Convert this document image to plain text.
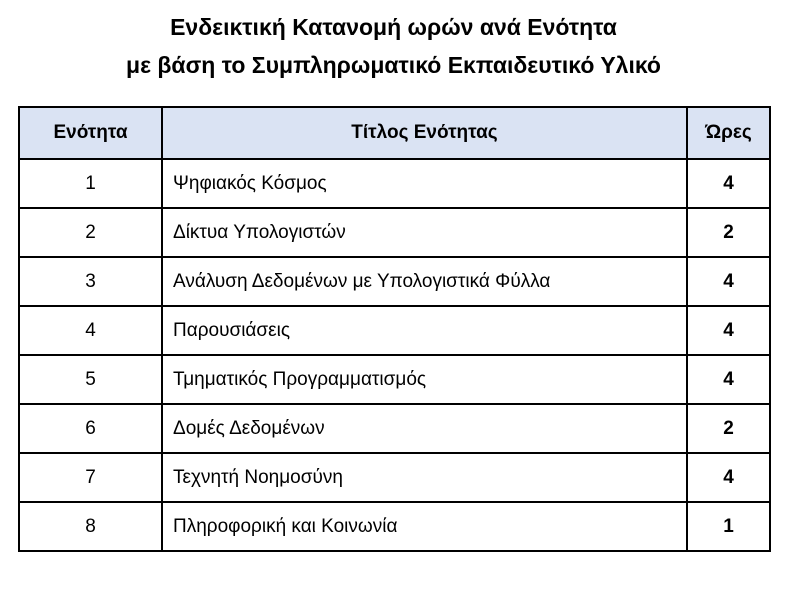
Ενδεικτική Κατανομή ωρών ανά Ενότητα
με βάση το Συμπληρωματικό Εκπαιδευτικό Υλικό
Ενότητα	Τίτλος Ενότητας	Ώρες
1	Ψηφιακός Κόσμος	4
2	Δίκτυα Υπολογιστών	2
3	Ανάλυση Δεδομένων με Υπολογιστικά Φύλλα	4
4	Παρουσιάσεις	4
5	Τμηματικός Προγραμματισμός	4
6	Δομές Δεδομένων	2
7	Τεχνητή Νοημοσύνη	4
8	Πληροφορική και Κοινωνία	1
